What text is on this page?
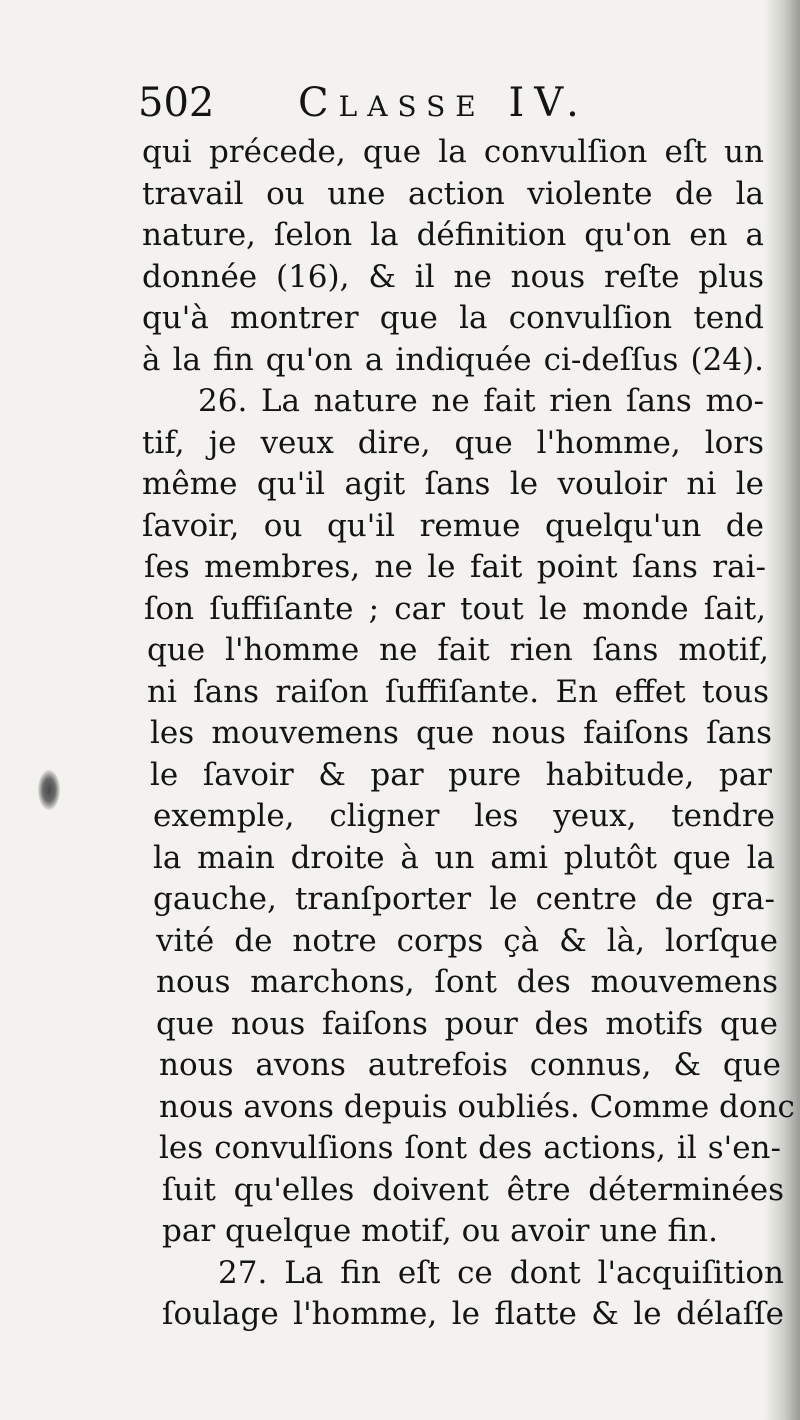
502 Classe IV.
qui précede, que la convulſion eſt un
travail ou une action violente de la
nature, ſelon la définition qu'on en a
donnée (16), & il ne nous reſte plus
qu'à montrer que la convulſion tend
à la fin qu'on a indiquée ci-deſſus (24).
26. La nature ne fait rien ſans mo-
tif, je veux dire, que l'homme, lors
même qu'il agit ſans le vouloir ni le
ſavoir, ou qu'il remue quelqu'un de
ſes membres, ne le fait point ſans rai-
ſon ſuffiſante ; car tout le monde ſait,
que l'homme ne fait rien ſans motif,
ni ſans raiſon ſuffiſante. En effet tous
les mouvemens que nous faiſons ſans
le ſavoir & par pure habitude, par
exemple, cligner les yeux, tendre
la main droite à un ami plutôt que la
gauche, tranſporter le centre de gra-
vité de notre corps çà & là, lorſque
nous marchons, ſont des mouvemens
que nous faiſons pour des motifs que
nous avons autrefois connus, & que
nous avons depuis oubliés. Comme donc
les convulſions ſont des actions, il s'en-
ſuit qu'elles doivent être déterminées
par quelque motif, ou avoir une fin.
27. La fin eſt ce dont l'acquiſition
ſoulage l'homme, le flatte & le délaſſe
